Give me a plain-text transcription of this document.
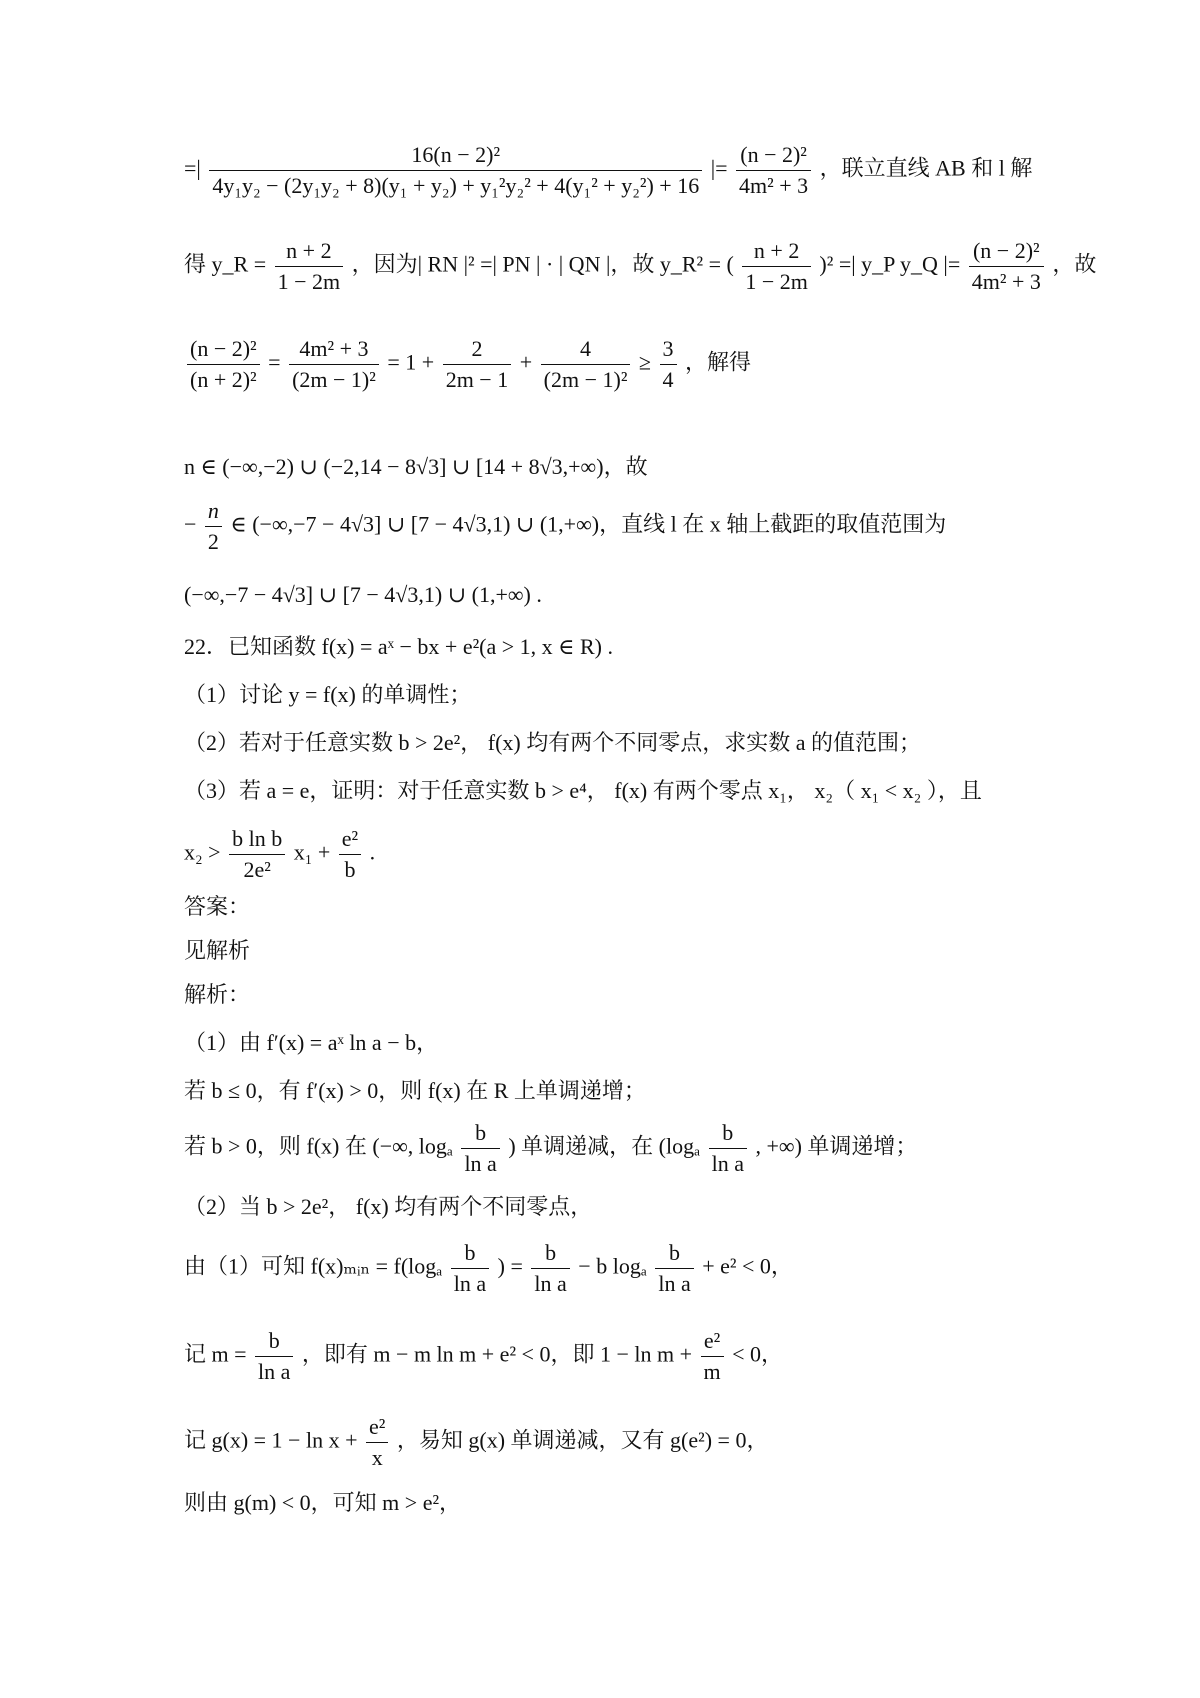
=| $\frac{\text{16(n − 2)²}}{\text{4y₁y₂ − (2y₁y₂ + 8)(y₁ + y₂) + y₁²y₂² + 4(y₁² + y₂²) + 16}}$ |= $\frac{\text{(n − 2)²}}{\text{4m² + 3}}$ ，联立直线 AB 和 l 解
得 y_R = $\frac{n + 2}{1 - 2m}$ ，因为| RN |² =| PN | · | QN |，故 y_R² = ( $\frac{n + 2}{1 - 2m} )^2$ =| y_P y_Q |= $\frac{\text{(n − 2)²}}{\text{4m² + 3}}$ ，故
$\frac{\text{(n − 2)²}}{\text{(n + 2)²}} = \frac{\text{4m² + 3}}{\text{(2m − 1)²}} = 1 + \frac{2}{2m - 1} + \frac{4}{\text{(2m − 1)²}} \ge \frac{3}{4}$ ，解得
n ∈ (−∞,−2) ∪ (−2,14 − 8√3] ∪ [14 + 8√3,+∞)，故
− $\frac{n}{2}$ ∈ (−∞,−7 − 4√3] ∪ [7 − 4√3,1) ∪ (1,+∞)，直线 l 在 x 轴上截距的取值范围为
(−∞,−7 − 4√3] ∪ [7 − 4√3,1) ∪ (1,+∞) .
22．已知函数 f(x) = aˣ − bx + e²(a > 1, x ∈ R) .
（1）讨论 y = f(x) 的单调性；
（2）若对于任意实数 b > 2e²， f(x) 均有两个不同零点，求实数 a 的值范围；
（3）若 a = e，证明：对于任意实数 b > e⁴， f(x) 有两个零点 x₁， x₂（ x₁ < x₂ ），且
$x_2 > \frac{\text{b ln b}}{\text{2e²}} x_1 + \frac{\text{e²}}{b}$ .
答案：
见解析
解析：
（1）由 f′(x) = aˣ ln a − b，
若 b ≤ 0，有 f′(x) > 0，则 f(x) 在 R 上单调递增；
若 b > 0，则 f(x) 在 (−∞, logₐ $\frac{b}{\text{ln a}}$ ) 单调递减，在 ($\log_a \frac{b}{\text{ln a}}$ , +∞) 单调递增；
（2）当 b > 2e²， f(x) 均有两个不同零点，
由（1）可知 f(x)ₘᵢₙ = $f(\log_a \frac{b}{\text{ln a}}$ ) = $\frac{b}{\text{ln a}} - b$ logₐ $\frac{b}{\text{ln a}} + e^2 < 0$，
记 $m = \frac{b}{\text{ln a}}$ ，即有 m − m ln m + e² < 0，即 $1 - \ln m + \frac{\text{e²}}{m} < 0$，
记 $g(x) = 1 - \ln x + \frac{\text{e²}}{x}$ ，易知 g(x) 单调递减，又有 g(e²) = 0，
则由 g(m) < 0，可知 m > e²，
